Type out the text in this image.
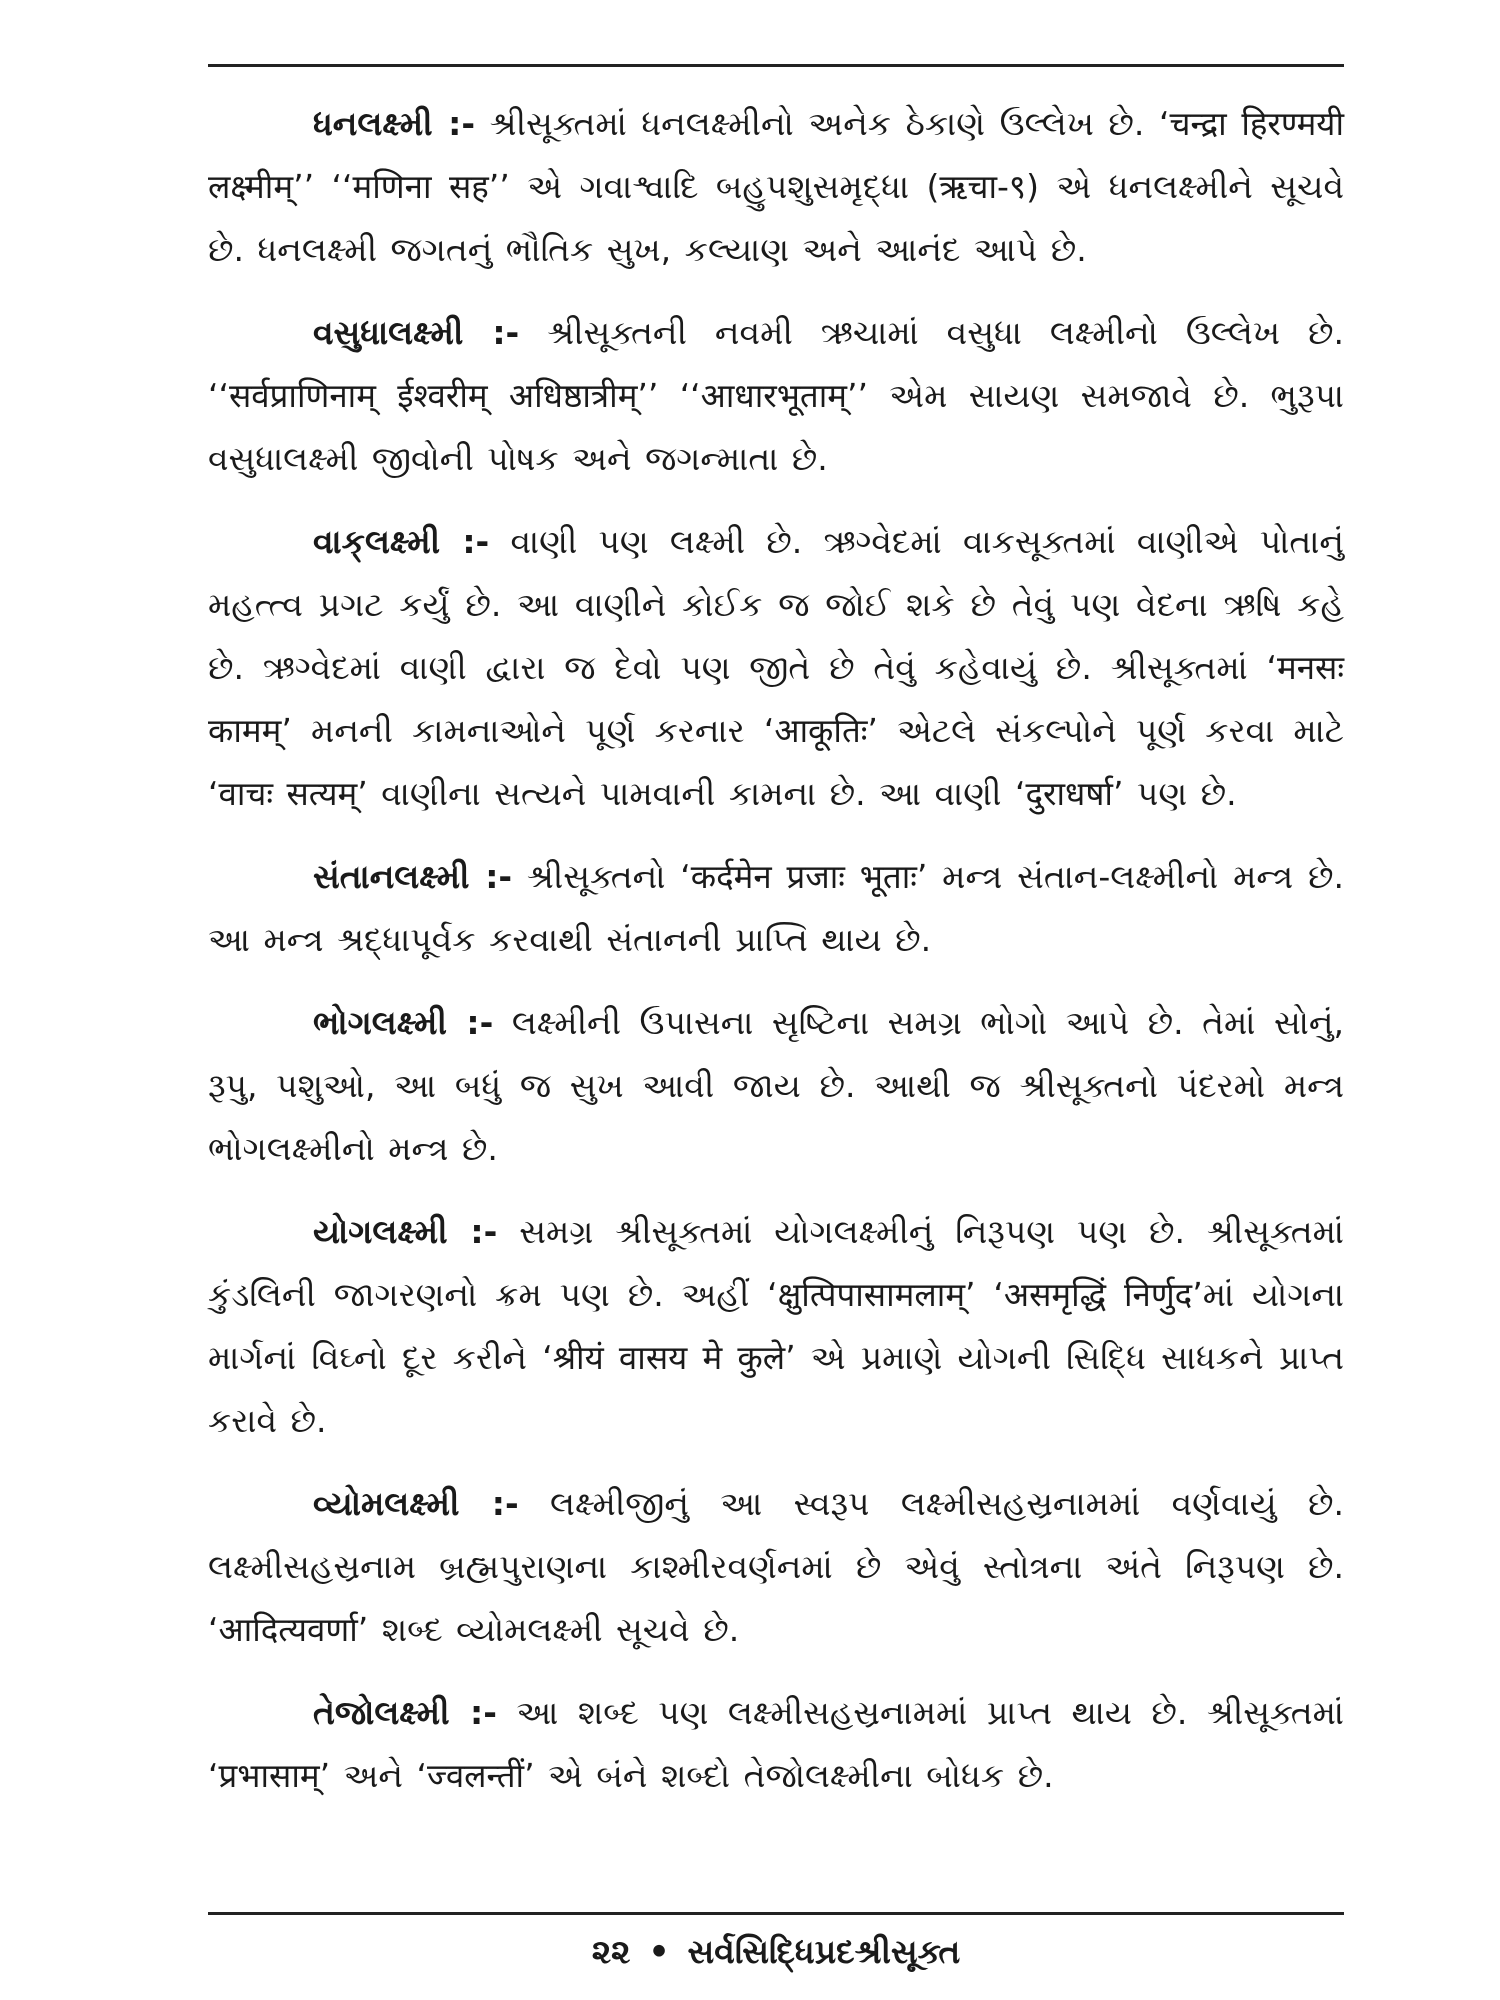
ધનલક્ષ્મી :- શ્રીસૂક્તમાં ધનલક્ષ્મીનો અનેક ઠેકાણે ઉલ્લેખ છે. ‘चन्द्रा हिरण्मयी लक्ष्मीम्’’ ‘‘मणिना सह’’ એ ગવાશ્વાદિ બહુપશુસમૃદ્ધા (ऋचा-९) એ ધનલક્ષ્મીને સૂચવે છે. ધનલક્ષ્મી જગતનું ભૌતિક સુખ, કલ્યાણ અને આનંદ આપે છે.

વસુધાલક્ષ્મી :- શ્રીસૂક્તની નવમી ઋચામાં વસુધા લક્ષ્મીનો ઉલ્લેખ છે. ‘‘सर्वप्राणिनाम् ईश्वरीम् अधिष्ठात्रीम्’’ ‘‘आधारभूताम्’’ એમ સાયણ સમજાવે છે. ભુરૂપા વસુધાલક્ષ્મી જીવોની પોષક અને જગન્માતા છે.

વાક્‌લક્ષ્મી :- વાણી પણ લક્ષ્મી છે. ઋગ્વેદમાં વાકસૂક્તમાં વાણીએ પોતાનું મહત્ત્વ પ્રગટ કર્યું છે. આ વાણીને કોઈક જ જોઈ શકે છે તેવું પણ વેદના ઋષિ કહે છે. ઋગ્વેદમાં વાણી દ્વારા જ દેવો પણ જીતે છે તેવું કહેવાયું છે. શ્રીસૂક્તમાં ‘मनसः कामम्’ મનની કામનાઓને પૂર્ણ કરનાર ‘आकूतिः’ એટલે સંકલ્પોને પૂર્ણ કરવા માટે ‘वाचः सत्यम्’ વાણીના સત્યને પામવાની કામના છે. આ વાણી ‘दुराधर्षा’ પણ છે.

સંતાનલક્ષ્મી :- શ્રીસૂક્તનો ‘कर्दमेन प्रजाः भूताः’ મન્ત્ર સંતાન-લક્ષ્મીનો મન્ત્ર છે. આ મન્ત્ર શ્રદ્ધાપૂર્વક કરવાથી સંતાનની પ્રાપ્તિ થાય છે.

ભોગલક્ષ્મી :- લક્ષ્મીની ઉપાસના સૃષ્ટિના સમગ્ર ભોગો આપે છે. તેમાં સોનું, રૂપુ, પશુઓ, આ બધું જ સુખ આવી જાય છે. આથી જ શ્રીસૂક્તનો પંદરમો મન્ત્ર ભોગલક્ષ્મીનો મન્ત્ર છે.

યોગલક્ષ્મી :- સમગ્ર શ્રીસૂક્તમાં યોગલક્ષ્મીનું નિરૂપણ પણ છે. શ્રીસૂક્તમાં કુંડલિની જાગરણનો ક્રમ પણ છે. અહીં ‘क्षुत्पिपासामलाम्’ ‘असमृद्धिं निर्णुद’માં યોગના માર્ગનાં વિઘ્નો દૂર કરીને ‘श्रीयं वासय मे कुले’ એ પ્રમાણે યોગની સિદ્ધિ સાધકને પ્રાપ્ત કરાવે છે.

વ્યોમલક્ષ્મી :- લક્ષ્મીજીનું આ સ્વરૂપ લક્ષ્મીસહસ્રનામમાં વર્ણવાયું છે. લક્ષ્મીસહસ્રનામ બ્રહ્મપુરાણના કાશ્મીરવર્ણનમાં છે એવું સ્તોત્રના અંતે નિરૂપણ છે. ‘आदित्यवर्णा’ શબ્દ વ્યોમલક્ષ્મી સૂચવે છે.

તેજોલક્ષ્મી :- આ શબ્દ પણ લક્ષ્મીસહસ્રનામમાં પ્રાપ્ત થાય છે. શ્રીસૂક્તમાં ‘प्रभासाम्’ અને ‘ज्वलन्तीं’ એ બંને શબ્દો તેજોલક્ષ્મીના બોધક છે.

૨૨ • સર્વસિદ્ધિપ્રદશ્રીસૂક્ત
